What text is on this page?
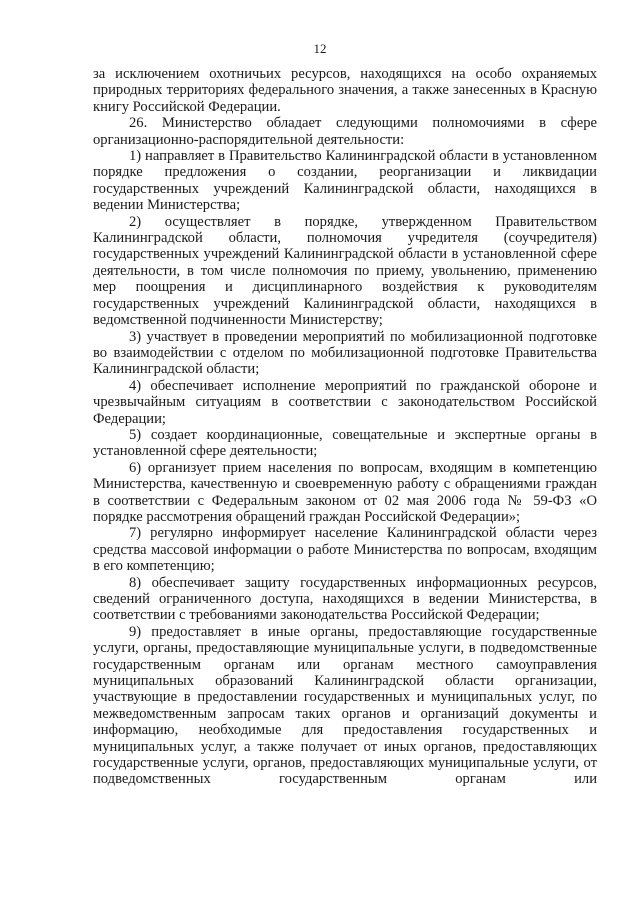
12

за исключением охотничьих ресурсов, находящихся на особо охраняемых природных территориях федерального значения, а также занесенных в Красную книгу Российской Федерации.

26. Министерство обладает следующими полномочиями в сфере организационно-распорядительной деятельности:

1) направляет в Правительство Калининградской области в установленном порядке предложения о создании, реорганизации и ликвидации государственных учреждений Калининградской области, находящихся в ведении Министерства;

2) осуществляет в порядке, утвержденном Правительством Калининградской области, полномочия учредителя (соучредителя) государственных учреждений Калининградской области в установленной сфере деятельности, в том числе полномочия по приему, увольнению, применению мер поощрения и дисциплинарного воздействия к руководителям государственных учреждений Калининградской области, находящихся в ведомственной подчиненности Министерству;

3) участвует в проведении мероприятий по мобилизационной подготовке во взаимодействии с отделом по мобилизационной подготовке Правительства Калининградской области;

4) обеспечивает исполнение мероприятий по гражданской обороне и чрезвычайным ситуациям в соответствии с законодательством Российской Федерации;

5) создает координационные, совещательные и экспертные органы в установленной сфере деятельности;

6) организует прием населения по вопросам, входящим в компетенцию Министерства, качественную и своевременную работу с обращениями граждан в соответствии с Федеральным законом от 02 мая 2006 года № 59-ФЗ «О порядке рассмотрения обращений граждан Российской Федерации»;

7) регулярно информирует население Калининградской области через средства массовой информации о работе Министерства по вопросам, входящим в его компетенцию;

8) обеспечивает защиту государственных информационных ресурсов, сведений ограниченного доступа, находящихся в ведении Министерства, в соответствии с требованиями законодательства Российской Федерации;

9) предоставляет в иные органы, предоставляющие государственные услуги, органы, предоставляющие муниципальные услуги, в подведомственные государственным органам или органам местного самоуправления муниципальных образований Калининградской области организации, участвующие в предоставлении государственных и муниципальных услуг, по межведомственным запросам таких органов и организаций документы и информацию, необходимые для предоставления государственных и муниципальных услуг, а также получает от иных органов, предоставляющих государственные услуги, органов, предоставляющих муниципальные услуги, от подведомственных государственным органам или
